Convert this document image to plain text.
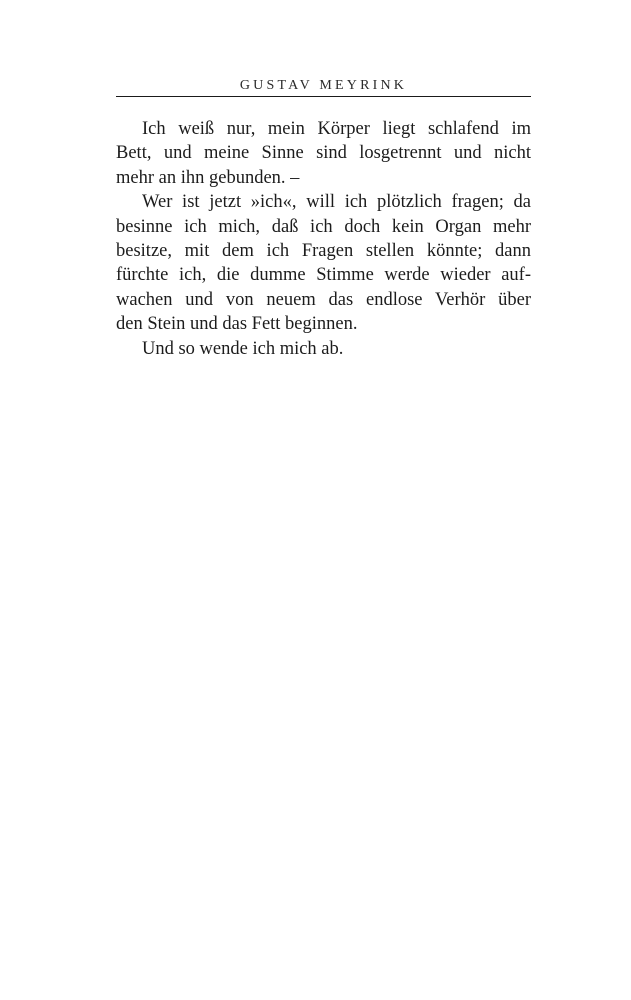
GUSTAV MEYRINK
Ich weiß nur, mein Körper liegt schlafend im
Bett, und meine Sinne sind losgetrennt und nicht
mehr an ihn gebunden. –
Wer ist jetzt »ich«, will ich plötzlich fragen; da
besinne ich mich, daß ich doch kein Organ mehr
besitze, mit dem ich Fragen stellen könnte; dann
fürchte ich, die dumme Stimme werde wieder auf-
wachen und von neuem das endlose Verhör über
den Stein und das Fett beginnen.
Und so wende ich mich ab.
